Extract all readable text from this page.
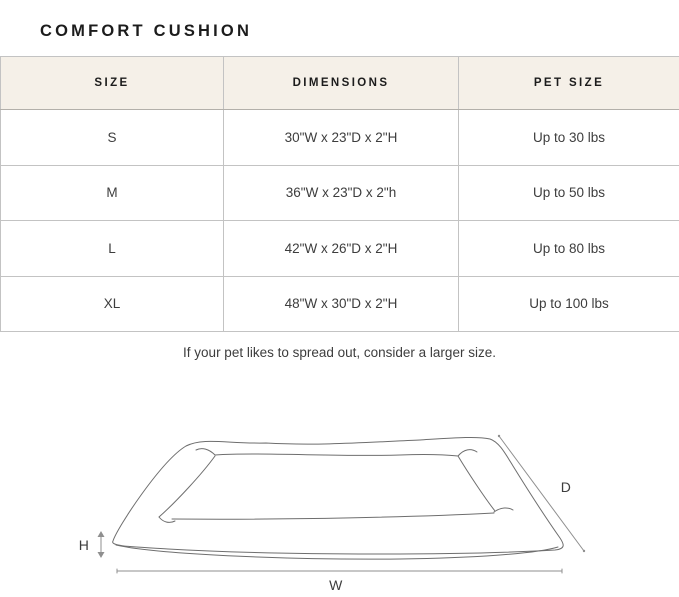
COMFORT CUSHION
SIZE	DIMENSIONS	PET SIZE
S	30"W x 23"D x 2"H	Up to 30 lbs
M	36"W x 23"D x 2"h	Up to 50 lbs
L	42"W x 26"D x 2"H	Up to 80 lbs
XL	48"W x 30"D x 2"H	Up to 100 lbs

If your pet likes to spread out, consider a larger size.

H
W
D
